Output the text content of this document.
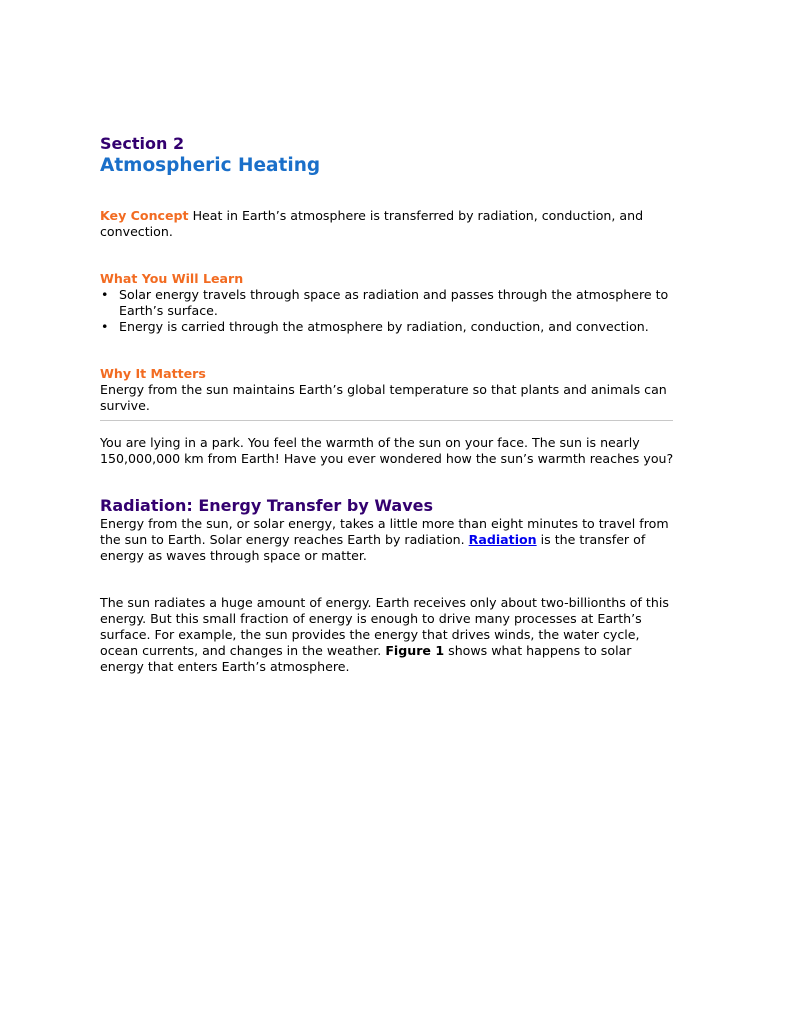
Section 2
Atmospheric Heating

Key Concept Heat in Earth’s atmosphere is transferred by radiation, conduction, and convection.

What You Will Learn
• Solar energy travels through space as radiation and passes through the atmosphere to Earth’s surface.
• Energy is carried through the atmosphere by radiation, conduction, and convection.
Why It Matters

Energy from the sun maintains Earth’s global temperature so that plants and animals can survive.

You are lying in a park. You feel the warmth of the sun on your face. The sun is nearly 150,000,000 km from Earth! Have you ever wondered how the sun’s warmth reaches you?

Radiation: Energy Transfer by Waves

Energy from the sun, or solar energy, takes a little more than eight minutes to travel from the sun to Earth. Solar energy reaches Earth by radiation. Radiation is the transfer of energy as waves through space or matter.

The sun radiates a huge amount of energy. Earth receives only about two-billionths of this energy. But this small fraction of energy is enough to drive many processes at Earth’s surface. For example, the sun provides the energy that drives winds, the water cycle, ocean currents, and changes in the weather. Figure 1 shows what happens to solar energy that enters Earth’s atmosphere.
